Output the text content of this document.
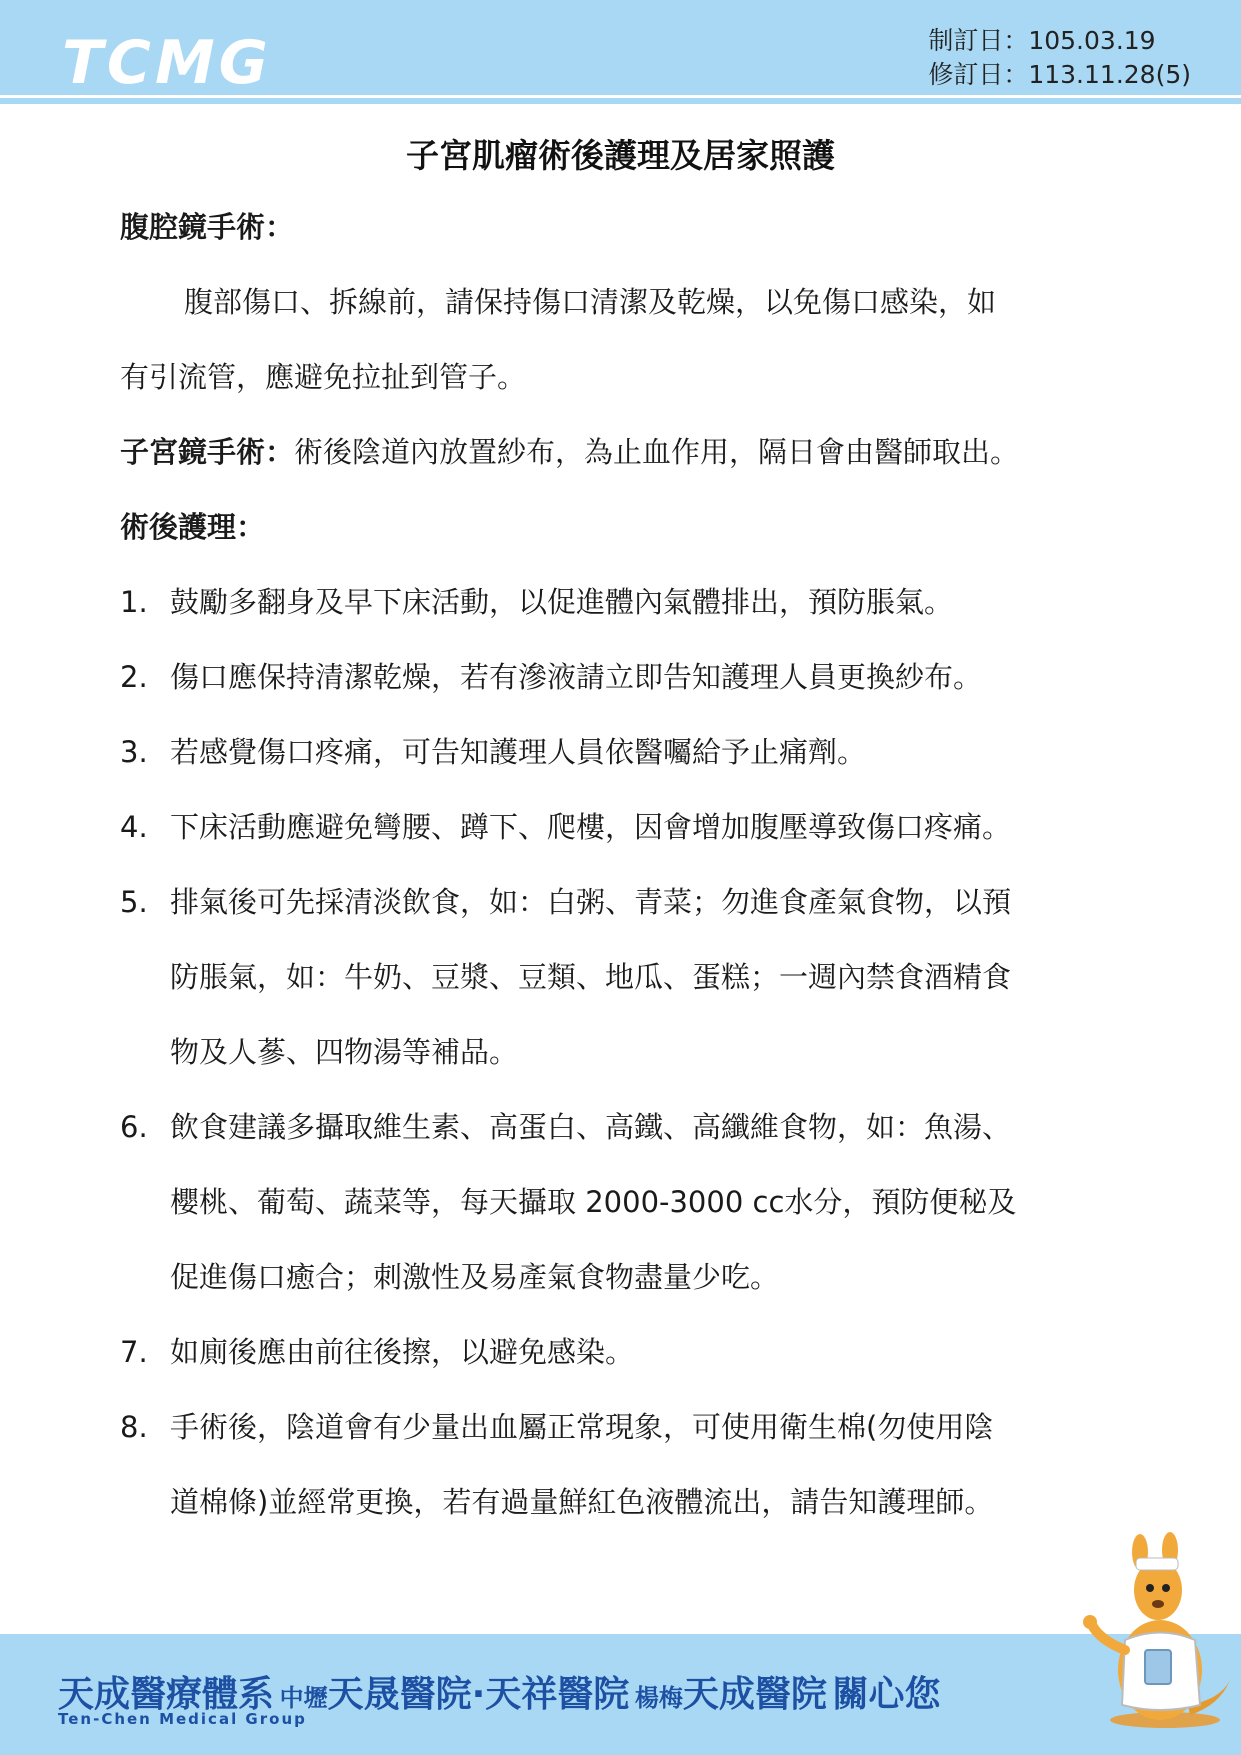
TCMG	制訂日：105.03.19
修訂日：113.11.28(5)
子宮肌瘤術後護理及居家照護
腹腔鏡手術：
腹部傷口、拆線前，請保持傷口清潔及乾燥，以免傷口感染，如
有引流管，應避免拉扯到管子。
子宮鏡手術：術後陰道內放置紗布，為止血作用，隔日會由醫師取出。
術後護理：
1. 鼓勵多翻身及早下床活動，以促進體內氣體排出，預防脹氣。
2. 傷口應保持清潔乾燥，若有滲液請立即告知護理人員更換紗布。
3. 若感覺傷口疼痛，可告知護理人員依醫囑給予止痛劑。
4. 下床活動應避免彎腰、蹲下、爬樓，因會增加腹壓導致傷口疼痛。
5. 排氣後可先採清淡飲食，如：白粥、青菜；勿進食產氣食物，以預
防脹氣，如：牛奶、豆漿、豆類、地瓜、蛋糕；一週內禁食酒精食
物及人蔘、四物湯等補品。
6. 飲食建議多攝取維生素、高蛋白、高鐵、高纖維食物，如：魚湯、
櫻桃、葡萄、蔬菜等，每天攝取 2000-3000 cc水分，預防便秘及
促進傷口癒合；刺激性及易產氣食物盡量少吃。
7. 如廁後應由前往後擦，以避免感染。
8. 手術後，陰道會有少量出血屬正常現象，可使用衛生棉(勿使用陰
道棉條)並經常更換，若有過量鮮紅色液體流出，請告知護理師。
天成醫療體系 中壢天晟醫院·天祥醫院 楊梅天成醫院 關心您
Ten-Chen Medical Group
